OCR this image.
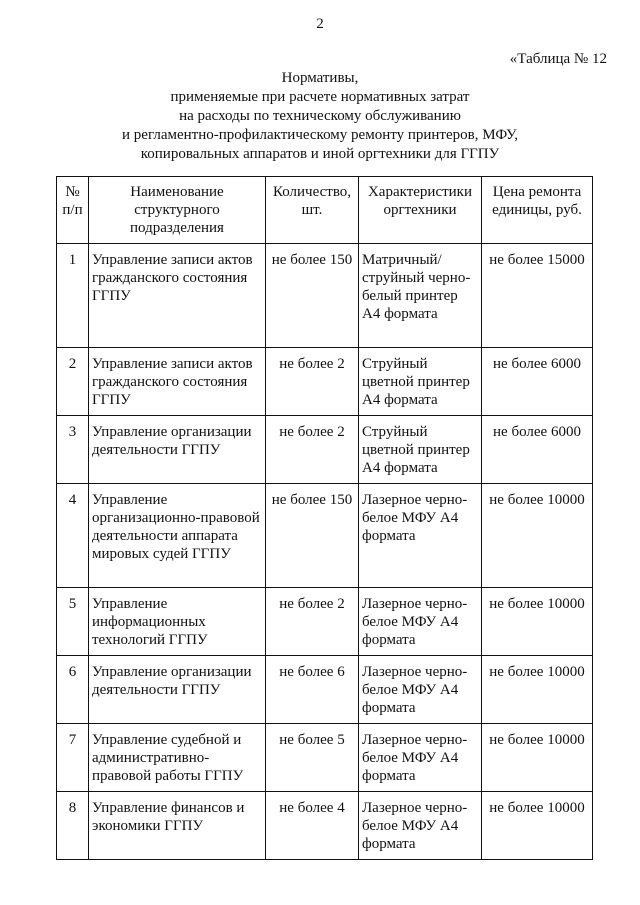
2
«Таблица № 12
Нормативы,
применяемые при расчете нормативных затрат
на расходы по техническому обслуживанию
и регламентно-профилактическому ремонту принтеров, МФУ,
копировальных аппаратов и иной оргтехники для ГГПУ
№ п/п	Наименование структурного подразделения	Количество, шт.	Характеристики оргтехники	Цена ремонта единицы, руб.
1	Управление записи актов гражданского состояния ГГПУ	не более 150	Матричный/ струйный черно-белый принтер А4 формата	не более 15000
2	Управление записи актов гражданского состояния ГГПУ	не более 2	Струйный цветной принтер А4 формата	не более 6000
3	Управление организации деятельности ГГПУ	не более 2	Струйный цветной принтер А4 формата	не более 6000
4	Управление организационно-правовой деятельности аппарата мировых судей ГГПУ	не более 150	Лазерное черно-белое МФУ А4 формата	не более 10000
5	Управление информационных технологий ГГПУ	не более 2	Лазерное черно-белое МФУ А4 формата	не более 10000
6	Управление организации деятельности ГГПУ	не более 6	Лазерное черно-белое МФУ А4 формата	не более 10000
7	Управление судебной и административно-правовой работы ГГПУ	не более 5	Лазерное черно-белое МФУ А4 формата	не более 10000
8	Управление финансов и экономики ГГПУ	не более 4	Лазерное черно-белое МФУ А4 формата	не более 10000
